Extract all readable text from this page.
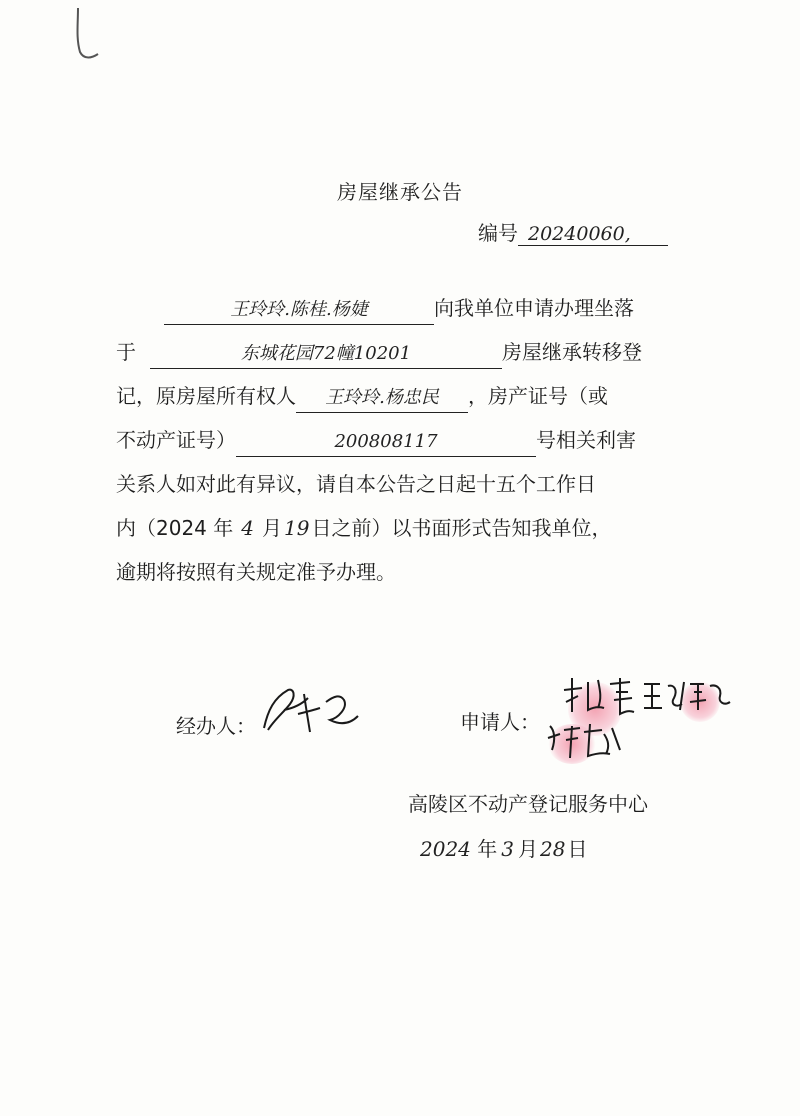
房屋继承公告
编号 20240060,
王玲玲.陈桂.杨婕	向我单位申请办理坐落
于	东城花园72幢10201	房屋继承转移登
记，原房屋所有权人 王玲玲.杨忠民 ，房产证号（或
不动产证号）	200808117	号相关利害
关系人如对此有异议，请自本公告之日起十五个工作日
内（2024 年 4 月 19 日之前）以书面形式告知我单位，
逾期将按照有关规定准予办理。
经办人：	申请人：
高陵区不动产登记服务中心
2024 年 3 月 28 日
